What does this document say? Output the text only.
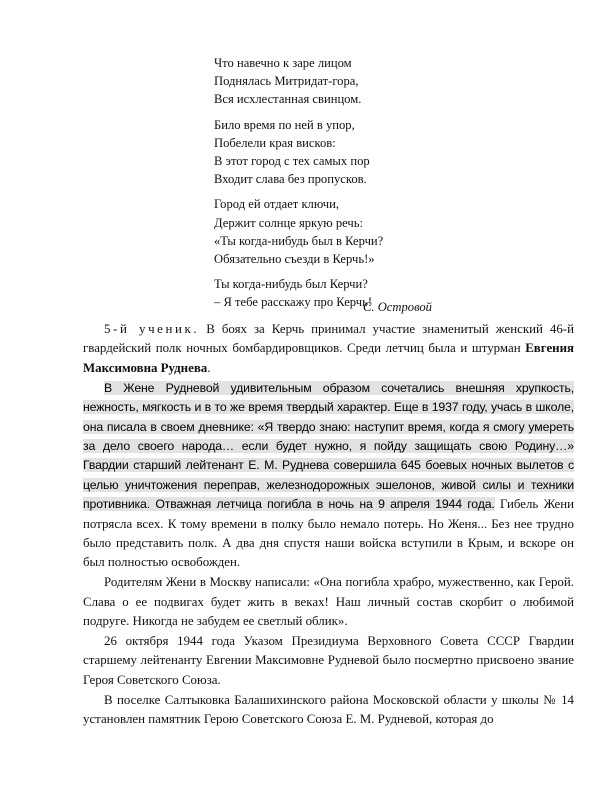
Что навечно к заре лицом
Поднялась Митридат-гора,
Вся исхлестанная свинцом.
Било время по ней в упор,
Побелели края висков:
В этот город с тех самых пор
Входит слава без пропусков.
Город ей отдает ключи,
Держит солнце яркую речь:
«Ты когда-нибудь был в Керчи?
Обязательно съезди в Керчь!»
Ты когда-нибудь был Керчи?
– Я тебе расскажу про Керчь!
С. Островой

5-й ученик. В боях за Керчь принимал участие знаменитый женский 46-й гвардейский полк ночных бомбардировщиков. Среди летчиц была и штурман Евгения Максимовна Руднева.

В Жене Рудневой удивительным образом сочетались внешняя хрупкость, нежность, мягкость и в то же время твердый характер. Еще в 1937 году, учась в школе, она писала в своем дневнике: «Я твердо знаю: наступит время, когда я смогу умереть за дело своего народа… если будет нужно, я пойду защищать свою Родину…» Гвардии старший лейтенант Е. М. Руднева совершила 645 боевых ночных вылетов с целью уничтожения переправ, железнодорожных эшелонов, живой силы и техники противника. Отважная летчица погибла в ночь на 9 апреля 1944 года. Гибель Жени потрясла всех. К тому времени в полку было немало потерь. Но Женя... Без нее трудно было представить полк. А два дня спустя наши войска вступили в Крым, и вскоре он был полностью освобожден.

Родителям Жени в Москву написали: «Она погибла храбро, мужественно, как Герой. Слава о ее подвигах будет жить в веках! Наш личный состав скорбит о любимой подруге. Никогда не забудем ее светлый облик».

26 октября 1944 года Указом Президиума Верховного Совета СССР Гвардии старшему лейтенанту Евгении Максимовне Рудневой было посмертно присвоено звание Героя Советского Союза.

В поселке Салтыковка Балашихинского района Московской области у школы № 14 установлен памятник Герою Советского Союза Е. М. Рудневой, которая до
